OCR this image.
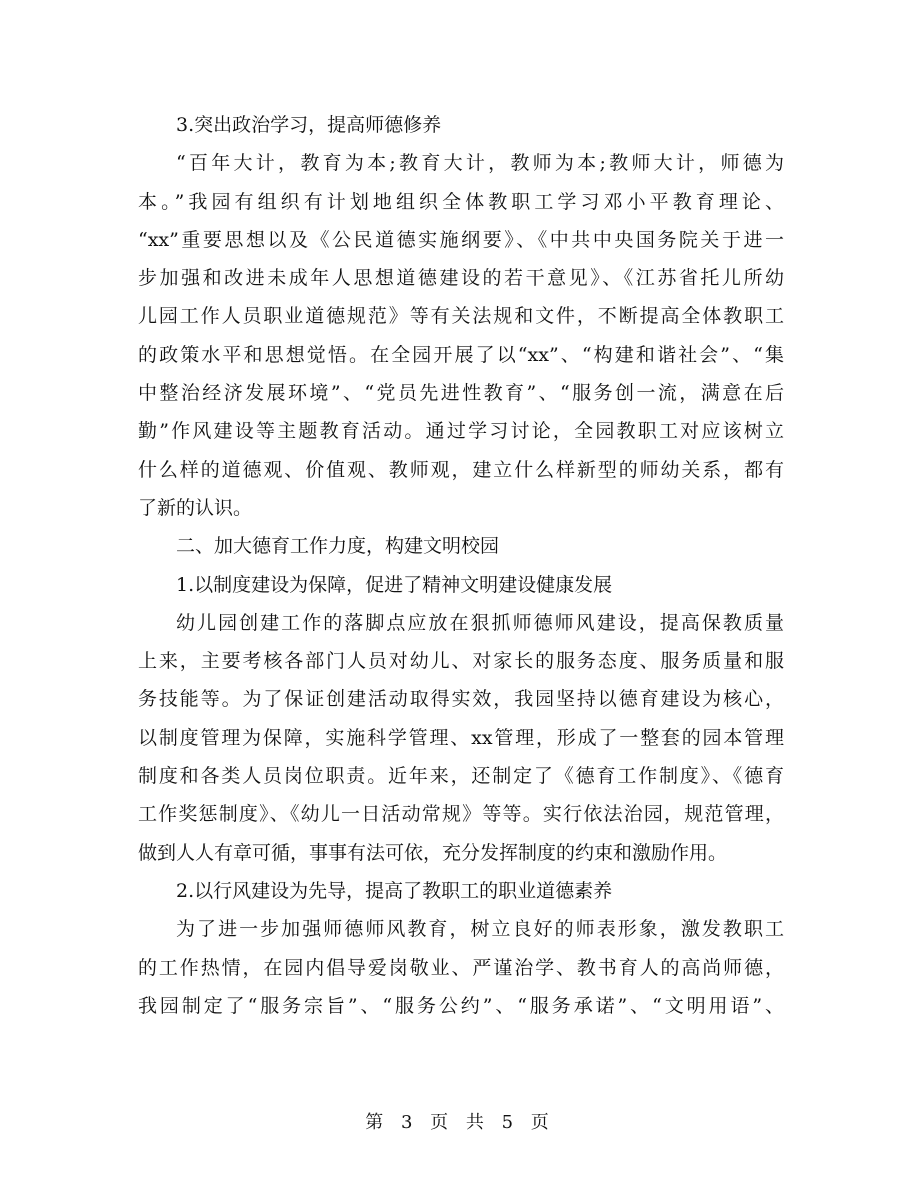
3.突出政治学习，提高师德修养
“百年大计，教育为本;教育大计，教师为本;教师大计，师德为
本。”我园有组织有计划地组织全体教职工学习邓小平教育理论、
“xx”重要思想以及《公民道德实施纲要》、《中共中央国务院关于进一
步加强和改进未成年人思想道德建设的若干意见》、《江苏省托儿所幼
儿园工作人员职业道德规范》等有关法规和文件，不断提高全体教职工
的政策水平和思想觉悟。在全园开展了以“xx”、“构建和谐社会”、“集
中整治经济发展环境”、“党员先进性教育”、“服务创一流，满意在后
勤”作风建设等主题教育活动。通过学习讨论，全园教职工对应该树立
什么样的道德观、价值观、教师观，建立什么样新型的师幼关系，都有
了新的认识。
二、加大德育工作力度，构建文明校园
1.以制度建设为保障，促进了精神文明建设健康发展
幼儿园创建工作的落脚点应放在狠抓师德师风建设，提高保教质量
上来，主要考核各部门人员对幼儿、对家长的服务态度、服务质量和服
务技能等。为了保证创建活动取得实效，我园坚持以德育建设为核心，
以制度管理为保障，实施科学管理、xx管理，形成了一整套的园本管理
制度和各类人员岗位职责。近年来，还制定了《德育工作制度》、《德育
工作奖惩制度》、《幼儿一日活动常规》等等。实行依法治园，规范管理，
做到人人有章可循，事事有法可依，充分发挥制度的约束和激励作用。
2.以行风建设为先导，提高了教职工的职业道德素养
为了进一步加强师德师风教育，树立良好的师表形象，激发教职工
的工作热情，在园内倡导爱岗敬业、严谨治学、教书育人的高尚师德，
我园制定了“服务宗旨”、“服务公约”、“服务承诺”、“文明用语”、
第 3 页 共 5 页
